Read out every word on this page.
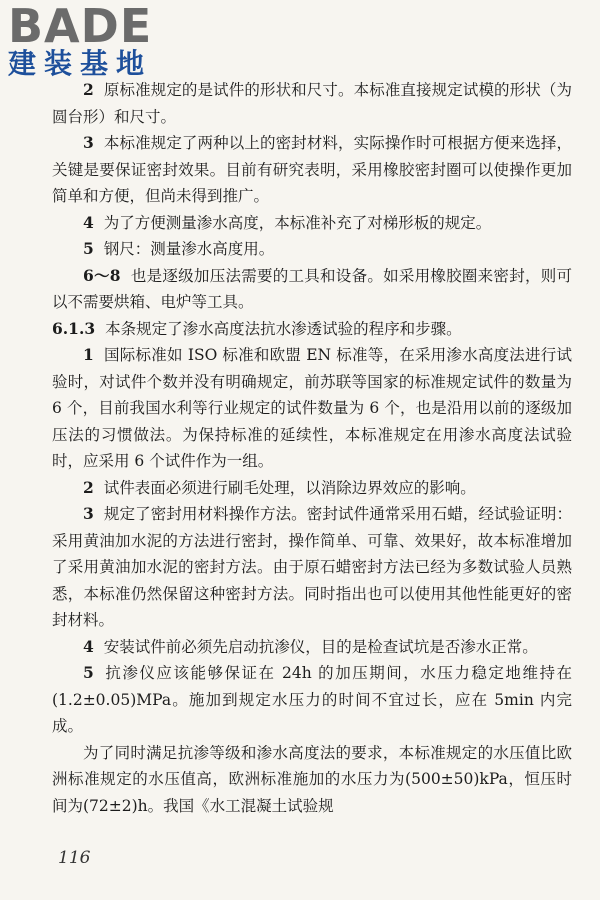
BADE
建装基地

2 原标准规定的是试件的形状和尺寸。本标准直接规定试模的形状（为圆台形）和尺寸。

3 本标准规定了两种以上的密封材料，实际操作时可根据方便来选择，关键是要保证密封效果。目前有研究表明，采用橡胶密封圈可以使操作更加简单和方便，但尚未得到推广。

4 为了方便测量渗水高度，本标准补充了对梯形板的规定。

5 钢尺：测量渗水高度用。

6～8 也是逐级加压法需要的工具和设备。如采用橡胶圈来密封，则可以不需要烘箱、电炉等工具。

6.1.3 本条规定了渗水高度法抗水渗透试验的程序和步骤。

1 国际标准如 ISO 标准和欧盟 EN 标准等，在采用渗水高度法进行试验时，对试件个数并没有明确规定，前苏联等国家的标准规定试件的数量为 6 个，目前我国水利等行业规定的试件数量为 6 个，也是沿用以前的逐级加压法的习惯做法。为保持标准的延续性，本标准规定在用渗水高度法试验时，应采用 6 个试件作为一组。

2 试件表面必须进行刷毛处理，以消除边界效应的影响。

3 规定了密封用材料操作方法。密封试件通常采用石蜡，经试验证明：采用黄油加水泥的方法进行密封，操作简单、可靠、效果好，故本标准增加了采用黄油加水泥的密封方法。由于原石蜡密封方法已经为多数试验人员熟悉，本标准仍然保留这种密封方法。同时指出也可以使用其他性能更好的密封材料。

4 安装试件前必须先启动抗渗仪，目的是检查试坑是否渗水正常。

5 抗渗仪应该能够保证在 24h 的加压期间，水压力稳定地维持在(1.2±0.05)MPa。施加到规定水压力的时间不宜过长，应在 5min 内完成。

为了同时满足抗渗等级和渗水高度法的要求，本标准规定的水压值比欧洲标准规定的水压值高，欧洲标准施加的水压力为(500±50)kPa，恒压时间为(72±2)h。我国《水工混凝土试验规

116
